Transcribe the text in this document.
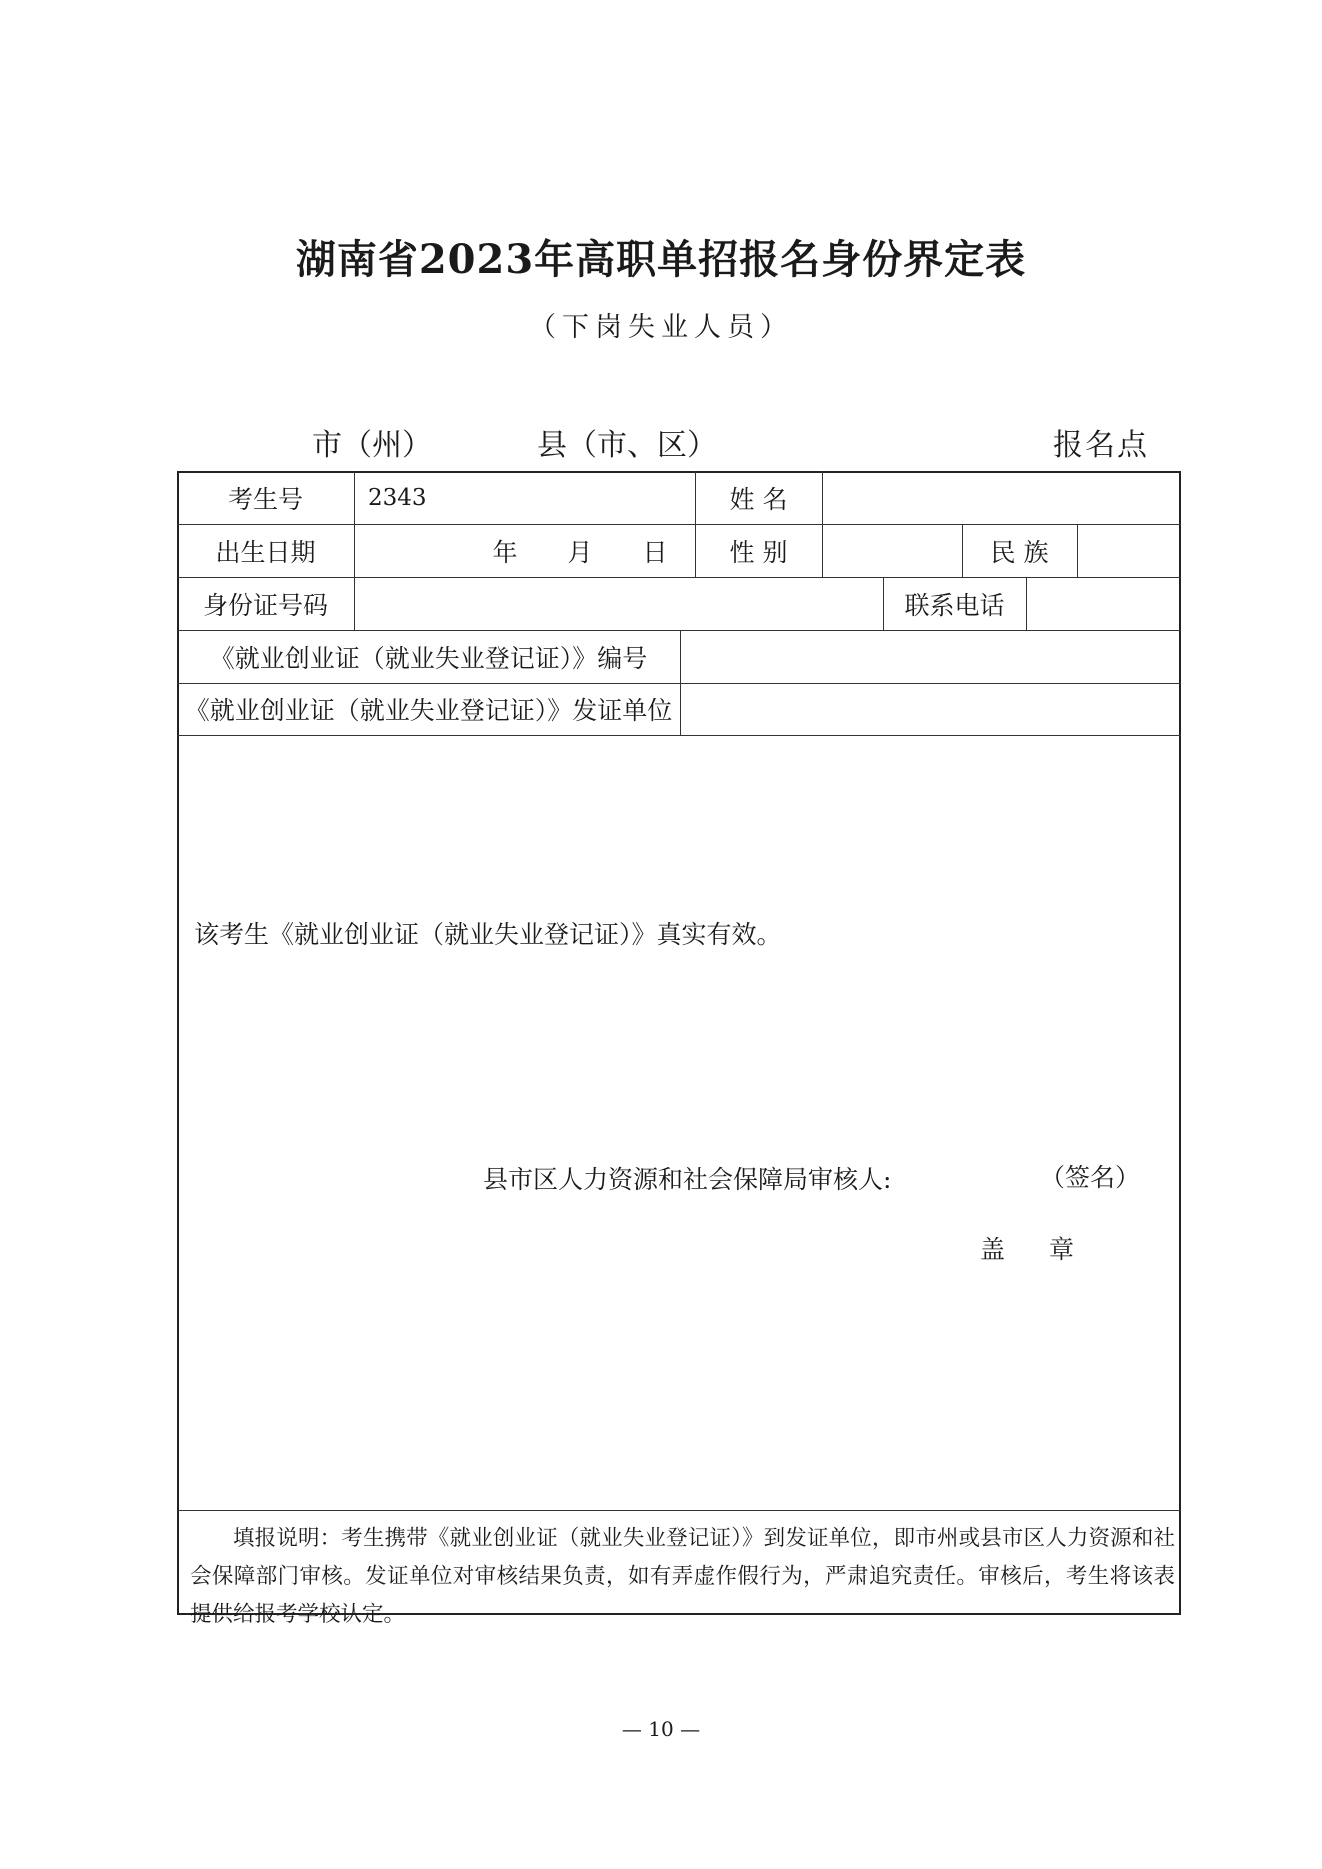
湖南省2023年高职单招报名身份界定表
（下岗失业人员）
市（州）	县（市、区）	报名点
考生号	2343	姓 名
出生日期	年　　月　　日	性 别	民 族
身份证号码	联系电话
《就业创业证（就业失业登记证）》编号
《就业创业证（就业失业登记证）》发证单位
该考生《就业创业证（就业失业登记证）》真实有效。
县市区人力资源和社会保障局审核人:	（签名）
盖 章
填报说明：考生携带《就业创业证（就业失业登记证）》到发证单位，即市州或县市区人力资源和社会保障部门审核。发证单位对审核结果负责，如有弄虚作假行为，严肃追究责任。审核后，考生将该表提供给报考学校认定。
— 10 —
